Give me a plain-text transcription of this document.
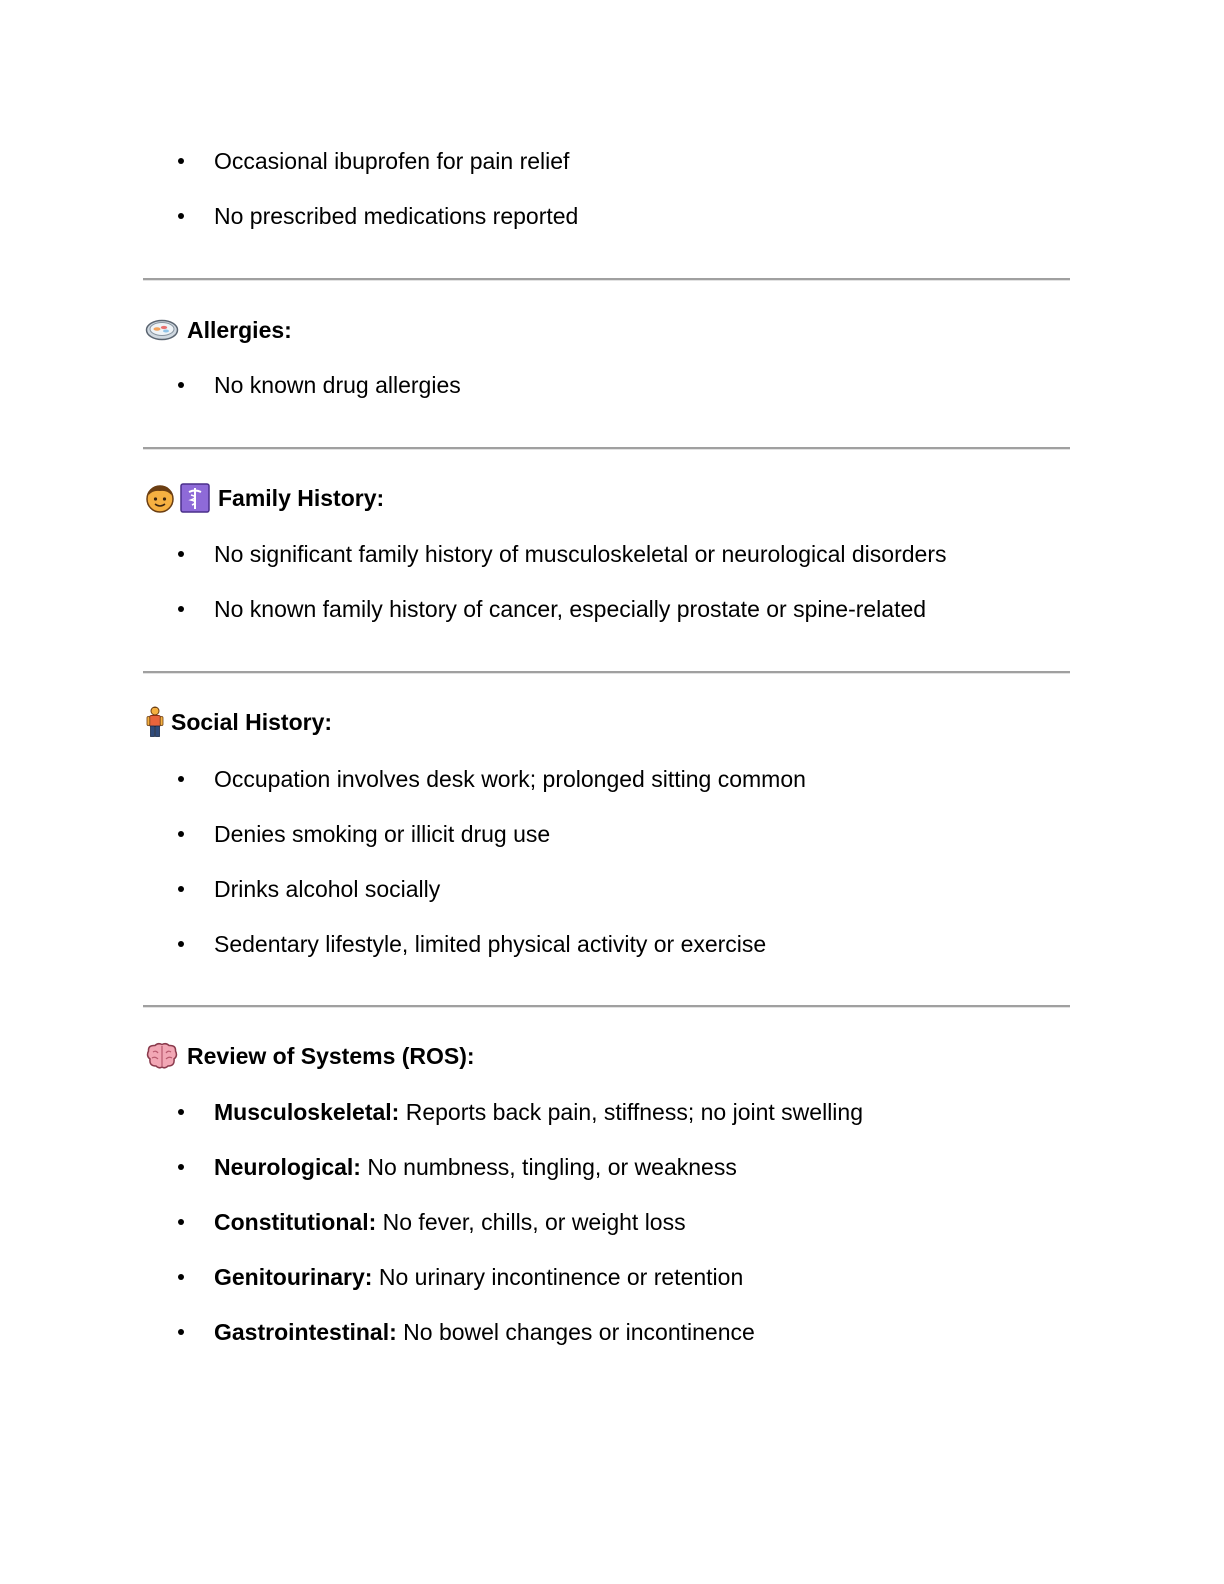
Occasional ibuprofen for pain relief
No prescribed medications reported
Allergies:
No known drug allergies
Family History:
No significant family history of musculoskeletal or neurological disorders
No known family history of cancer, especially prostate or spine-related
Social History:
Occupation involves desk work; prolonged sitting common
Denies smoking or illicit drug use
Drinks alcohol socially
Sedentary lifestyle, limited physical activity or exercise
Review of Systems (ROS):
Musculoskeletal: Reports back pain, stiffness; no joint swelling
Neurological: No numbness, tingling, or weakness
Constitutional: No fever, chills, or weight loss
Genitourinary: No urinary incontinence or retention
Gastrointestinal: No bowel changes or incontinence
